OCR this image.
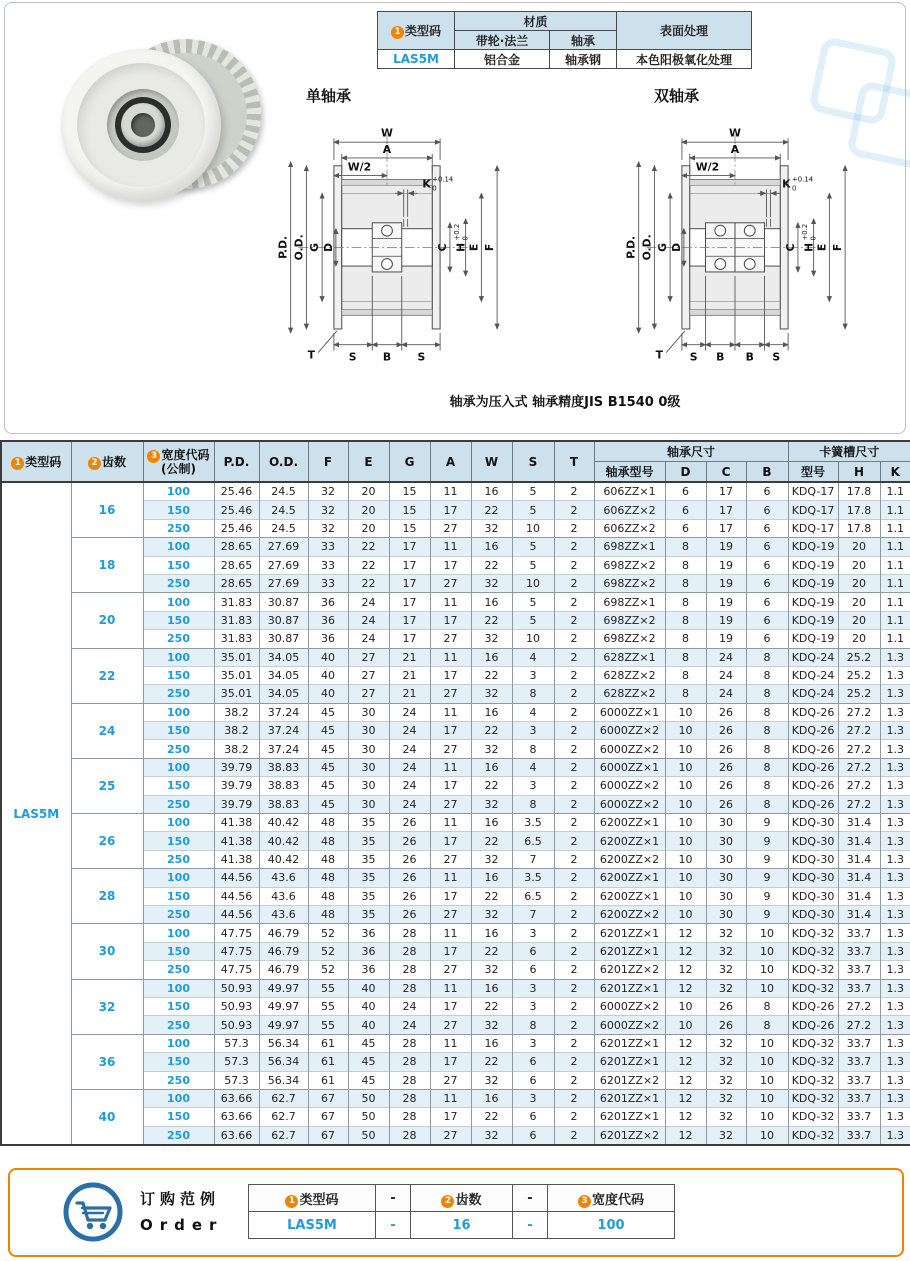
1 类型码	材质		表面处理
	带轮·法兰	轴承	
LAS5M	铝合金	轴承钢	本色阳极氧化处理
单轴承
W
A
W/2
K +0.14
0
P.D. O.D. G D	C H
+0.2 0
E F
T	S B S
双轴承
W
A
W/2
K +0.14
0
P.D. O.D. G D	C H
+0.2 0
E F
T S B B S
轴承为压入式 轴承精度JIS B1540 0级
1 类型码	2 齿数	3 宽度代码
(公制)	P.D.	O.D.	F	E	G	A	W	S	T	轴承尺寸				卡簧槽尺寸		
												轴承型号	D	C	B	型号	H	K
LAS5M	16	100	25.46	24.5	32	20	15	11	16	5	2	606ZZ×1	6	17	6	KDQ-17	17.8	1.1
		150	25.46	24.5	32	20	15	17	22	5	2	606ZZ×2	6	17	6	KDQ-17	17.8	1.1
		250	25.46	24.5	32	20	15	27	32	10	2	606ZZ×2	6	17	6	KDQ-17	17.8	1.1
	18	100	28.65	27.69	33	22	17	11	16	5	2	698ZZ×1	8	19	6	KDQ-19	20	1.1
		150	28.65	27.69	33	22	17	17	22	5	2	698ZZ×2	8	19	6	KDQ-19	20	1.1
		250	28.65	27.69	33	22	17	27	32	10	2	698ZZ×2	8	19	6	KDQ-19	20	1.1
	20	100	31.83	30.87	36	24	17	11	16	5	2	698ZZ×1	8	19	6	KDQ-19	20	1.1
		150	31.83	30.87	36	24	17	17	22	5	2	698ZZ×2	8	19	6	KDQ-19	20	1.1
		250	31.83	30.87	36	24	17	27	32	10	2	698ZZ×2	8	19	6	KDQ-19	20	1.1
	22	100	35.01	34.05	40	27	21	11	16	4	2	628ZZ×1	8	24	8	KDQ-24	25.2	1.3
		150	35.01	34.05	40	27	21	17	22	3	2	628ZZ×2	8	24	8	KDQ-24	25.2	1.3
		250	35.01	34.05	40	27	21	27	32	8	2	628ZZ×2	8	24	8	KDQ-24	25.2	1.3
	24	100	38.2	37.24	45	30	24	11	16	4	2	6000ZZ×1	10	26	8	KDQ-26	27.2	1.3
		150	38.2	37.24	45	30	24	17	22	3	2	6000ZZ×2	10	26	8	KDQ-26	27.2	1.3
		250	38.2	37.24	45	30	24	27	32	8	2	6000ZZ×2	10	26	8	KDQ-26	27.2	1.3
	25	100	39.79	38.83	45	30	24	11	16	4	2	6000ZZ×1	10	26	8	KDQ-26	27.2	1.3
		150	39.79	38.83	45	30	24	17	22	3	2	6000ZZ×2	10	26	8	KDQ-26	27.2	1.3
		250	39.79	38.83	45	30	24	27	32	8	2	6000ZZ×2	10	26	8	KDQ-26	27.2	1.3
	26	100	41.38	40.42	48	35	26	11	16	3.5	2	6200ZZ×1	10	30	9	KDQ-30	31.4	1.3
		150	41.38	40.42	48	35	26	17	22	6.5	2	6200ZZ×1	10	30	9	KDQ-30	31.4	1.3
		250	41.38	40.42	48	35	26	27	32	7	2	6200ZZ×2	10	30	9	KDQ-30	31.4	1.3
	28	100	44.56	43.6	48	35	26	11	16	3.5	2	6200ZZ×1	10	30	9	KDQ-30	31.4	1.3
		150	44.56	43.6	48	35	26	17	22	6.5	2	6200ZZ×1	10	30	9	KDQ-30	31.4	1.3
		250	44.56	43.6	48	35	26	27	32	7	2	6200ZZ×2	10	30	9	KDQ-30	31.4	1.3
	30	100	47.75	46.79	52	36	28	11	16	3	2	6201ZZ×1	12	32	10	KDQ-32	33.7	1.3
		150	47.75	46.79	52	36	28	17	22	6	2	6201ZZ×1	12	32	10	KDQ-32	33.7	1.3
		250	47.75	46.79	52	36	28	27	32	6	2	6201ZZ×2	12	32	10	KDQ-32	33.7	1.3
	32	100	50.93	49.97	55	40	28	11	16	3	2	6201ZZ×1	12	32	10	KDQ-32	33.7	1.3
		150	50.93	49.97	55	40	24	17	22	3	2	6000ZZ×2	10	26	8	KDQ-26	27.2	1.3
		250	50.93	49.97	55	40	24	27	32	8	2	6000ZZ×2	10	26	8	KDQ-26	27.2	1.3
	36	100	57.3	56.34	61	45	28	11	16	3	2	6201ZZ×1	12	32	10	KDQ-32	33.7	1.3
		150	57.3	56.34	61	45	28	17	22	6	2	6201ZZ×1	12	32	10	KDQ-32	33.7	1.3
		250	57.3	56.34	61	45	28	27	32	6	2	6201ZZ×2	12	32	10	KDQ-32	33.7	1.3
	40	100	63.66	62.7	67	50	28	11	16	3	2	6201ZZ×1	12	32	10	KDQ-32	33.7	1.3
		150	63.66	62.7	67	50	28	17	22	6	2	6201ZZ×1	12	32	10	KDQ-32	33.7	1.3
		250	63.66	62.7	67	50	28	27	32	6	2	6201ZZ×2	12	32	10	KDQ-32	33.7	1.3
订购范例
Order
1 类型码	-	2 齿数	-	3 宽度代码
LAS5M	-	16	-	100
